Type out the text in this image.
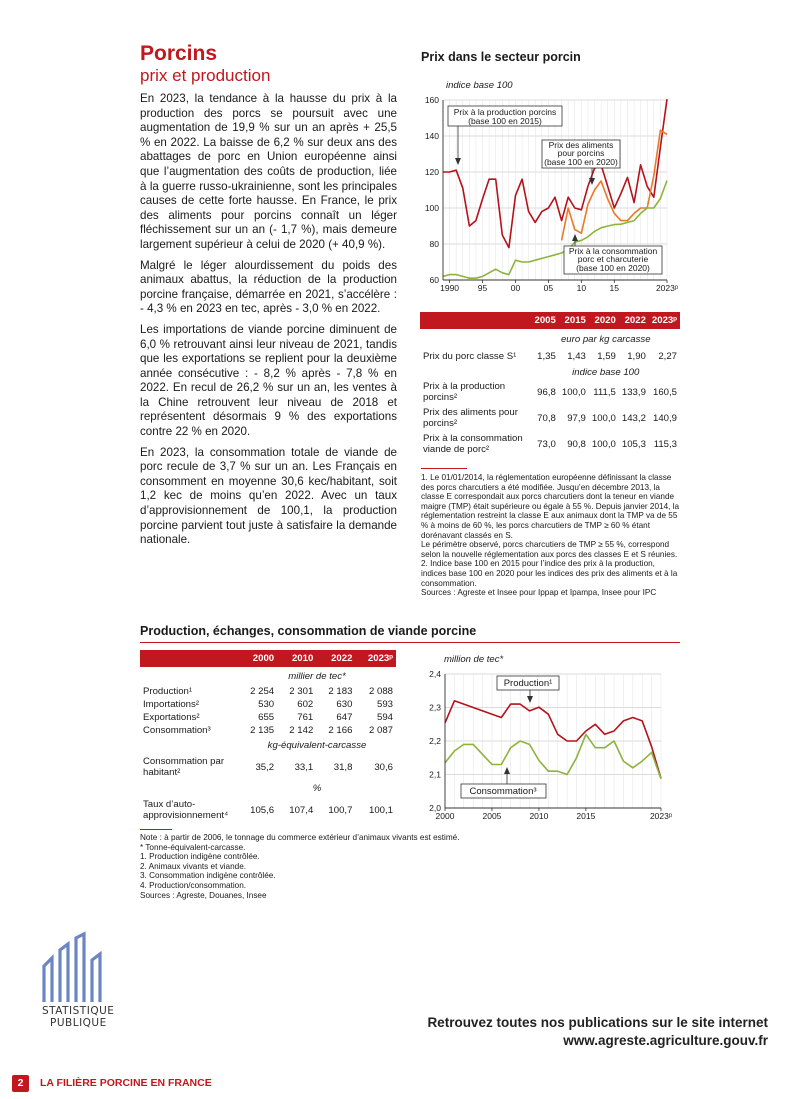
Porcins
prix et production

En 2023, la tendance à la hausse du prix à la production des porcs se poursuit avec une augmentation de 19,9 % sur un an après + 25,5 % en 2022. La baisse de 6,2 % sur deux ans des abattages de porc en Union européenne ainsi que l’augmentation des coûts de production, liée à la guerre russo-ukrainienne, sont les principales causes de cette forte hausse. En France, le prix des aliments pour porcins connaît un léger fléchissement sur un an (- 1,7 %), mais demeure largement supérieur à celui de 2020 (+ 40,9 %).

Malgré le léger alourdissement du poids des animaux abattus, la réduction de la production porcine française, démarrée en 2021, s’accélère : - 4,3 % en 2023 en tec, après - 3,0 % en 2022.

Les importations de viande porcine diminuent de 6,0 % retrouvant ainsi leur niveau de 2021, tandis que les exportations se replient pour la deuxième année consécutive : - 8,2 % après - 7,8 % en 2022. En recul de 26,2 % sur un an, les ventes à la Chine retrouvent leur niveau de 2018 et représentent désormais 9 % des exportations contre 22 % en 2020.

En 2023, la consommation totale de viande de porc recule de 3,7 % sur un an. Les Français en consomment en moyenne 30,6 kec/habitant, soit 1,2 kec de moins qu’en 2022. Avec un taux d’approvisionnement de 100,1, la production porcine parvient tout juste à satisfaire la demande nationale.

Prix dans le secteur porcin
indice base 100
60
80
100
120
140
160
1990 95	00	05	10	15	2023ᵖ
Prix à la production porcins
(base 100 en 2015)
Prix des aliments
pour porcins
(base 100 en 2020)
Prix à la consommation
porc et charcuterie
(base 100 en 2020)
	2005	2015	2020	2022	2023ᵖ
	euro par kg carcasse				
Prix du porc classe S¹	1,35	1,43	1,59	1,90	2,27
	indice base 100				
Prix à la production porcins²	96,8	100,0	111,5	133,9	160,5
Prix des aliments pour porcins²	70,8	97,9	100,0	143,2	140,9
Prix à la consommation viande de porc²	73,0	90,8	100,0	105,3	115,3
1. Le 01/01/2014, la réglementation européenne définissant la classe des porcs charcutiers a été modifiée. Jusqu’en décembre 2013, la classe E correspondait aux porcs charcutiers dont la teneur en viande maigre (TMP) était supérieure ou égale à 55 %. Depuis janvier 2014, la réglementation restreint la classe E aux animaux dont la TMP va de 55 % à moins de 60 %, les porcs charcutiers de TMP ≥ 60 % étant dorénavant classés en S.
Le périmètre observé, porcs charcutiers de TMP ≥ 55 %, correspond selon la nouvelle réglementation aux porcs des classes E et S réunies.
2. Indice base 100 en 2015 pour l’indice des prix à la production, indices base 100 en 2020 pour les indices des prix des aliments et à la consommation.
Sources : Agreste et Insee pour Ippap et Ipampa, Insee pour IPC
Production, échanges, consommation de viande porcine
	2000	2010	2022	2023ᵖ
	millier de tec*			
Production¹	2 254	2 301	2 183	2 088
Importations²	530	602	630	593
Exportations²	655	761	647	594
Consommation³	2 135	2 142	2 166	2 087
	kg-équivalent-carcasse			
Consommation par habitant²	35,2	33,1	31,8	30,6
	%			
Taux d’auto-approvisionnement⁴	105,6	107,4	100,7	100,1
million de tec*
2,0
2,1
2,2
2,3
2,4
2000	2005	2010	2015	2023ᵖ
Production¹
Consommation³
Note : à partir de 2006, le tonnage du commerce extérieur d’animaux vivants est estimé.
* Tonne-équivalent-carcasse.
1. Production indigène contrôlée.
2. Animaux vivants et viande.
3. Consommation indigène contrôlée.
4. Production/consommation.
Sources : Agreste, Douanes, Insee
STATISTIQUE
PUBLIQUE	Retrouvez toutes nos publications sur le site internet
www.agreste.agriculture.gouv.fr
2	LA FILIÈRE PORCINE EN FRANCE
